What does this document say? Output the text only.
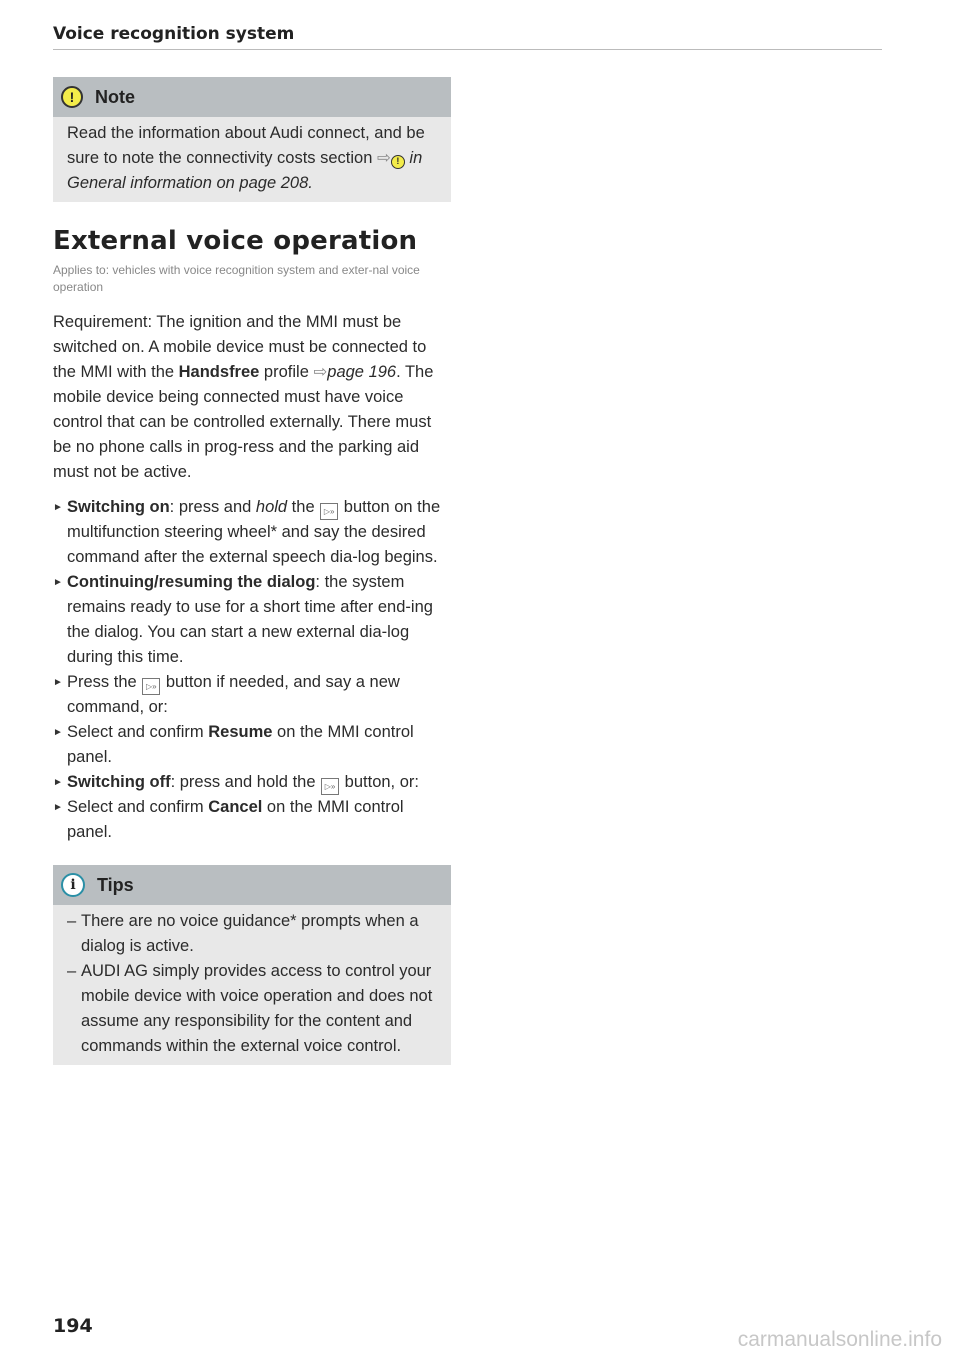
Voice recognition system
!	Note
Read the information about Audi connect, and be sure to note the connectivity costs section ⇨ ! in General information on page 208.
External voice operation
Applies to: vehicles with voice recognition system and exter-nal voice operation

Requirement: The ignition and the MMI must be switched on. A mobile device must be connected to the MMI with the Handsfree profile ⇨page 196. The mobile device being connected must have voice control that can be controlled externally. There must be no phone calls in prog-ress and the parking aid must not be active.

► Switching on: press and hold the ▷» button on the multifunction steering wheel* and say the desired command after the external speech dia-log begins.
► Continuing/resuming the dialog: the system remains ready to use for a short time after end-ing the dialog. You can start a new external dia-log during this time.
► Press the ▷» button if needed, and say a new command, or:
► Select and confirm Resume on the MMI control panel.
► Switching off: press and hold the ▷» button, or:
► Select and confirm Cancel on the MMI control panel.
i	Tips
– There are no voice guidance* prompts when a dialog is active.
– AUDI AG simply provides access to control your mobile device with voice operation and does not assume any responsibility for the content and commands within the external voice control.
194
carmanualsonline.info
